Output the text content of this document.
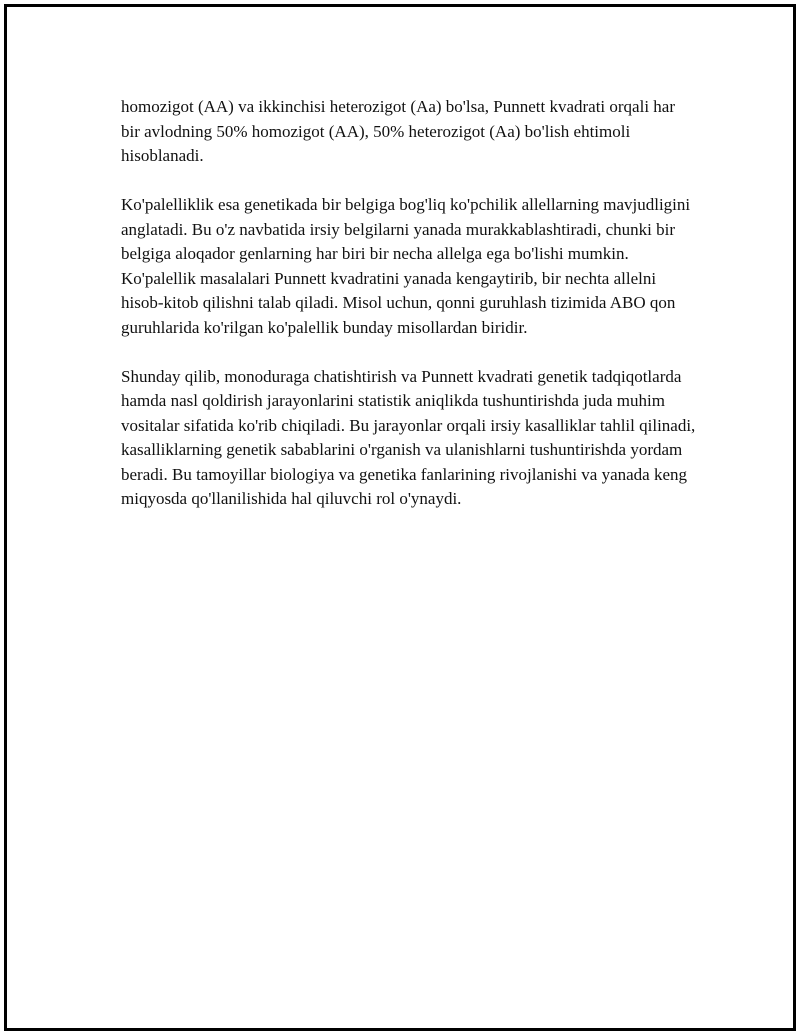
homozigot (AA) va ikkinchisi heterozigot (Aa) bo'lsa, Punnett kvadrati orqali har bir avlodning 50% homozigot (AA), 50% heterozigot (Aa) bo'lish ehtimoli hisoblanadi.

Ko'palelliklik esa genetikada bir belgiga bog'liq ko'pchilik allellarning mavjudligini anglatadi. Bu o'z navbatida irsiy belgilarni yanada murakkablashtiradi, chunki bir belgiga aloqador genlarning har biri bir necha allelga ega bo'lishi mumkin. Ko'palellik masalalari Punnett kvadratini yanada kengaytirib, bir nechta allelni hisob-kitob qilishni talab qiladi. Misol uchun, qonni guruhlash tizimida ABO qon guruhlarida ko'rilgan ko'palellik bunday misollardan biridir.

Shunday qilib, monoduraga chatishtirish va Punnett kvadrati genetik tadqiqotlarda hamda nasl qoldirish jarayonlarini statistik aniqlikda tushuntirishda juda muhim vositalar sifatida ko'rib chiqiladi. Bu jarayonlar orqali irsiy kasalliklar tahlil qilinadi, kasalliklarning genetik sabablarini o'rganish va ulanishlarni tushuntirishda yordam beradi. Bu tamoyillar biologiya va genetika fanlarining rivojlanishi va yanada keng miqyosda qo'llanilishida hal qiluvchi rol o'ynaydi.
